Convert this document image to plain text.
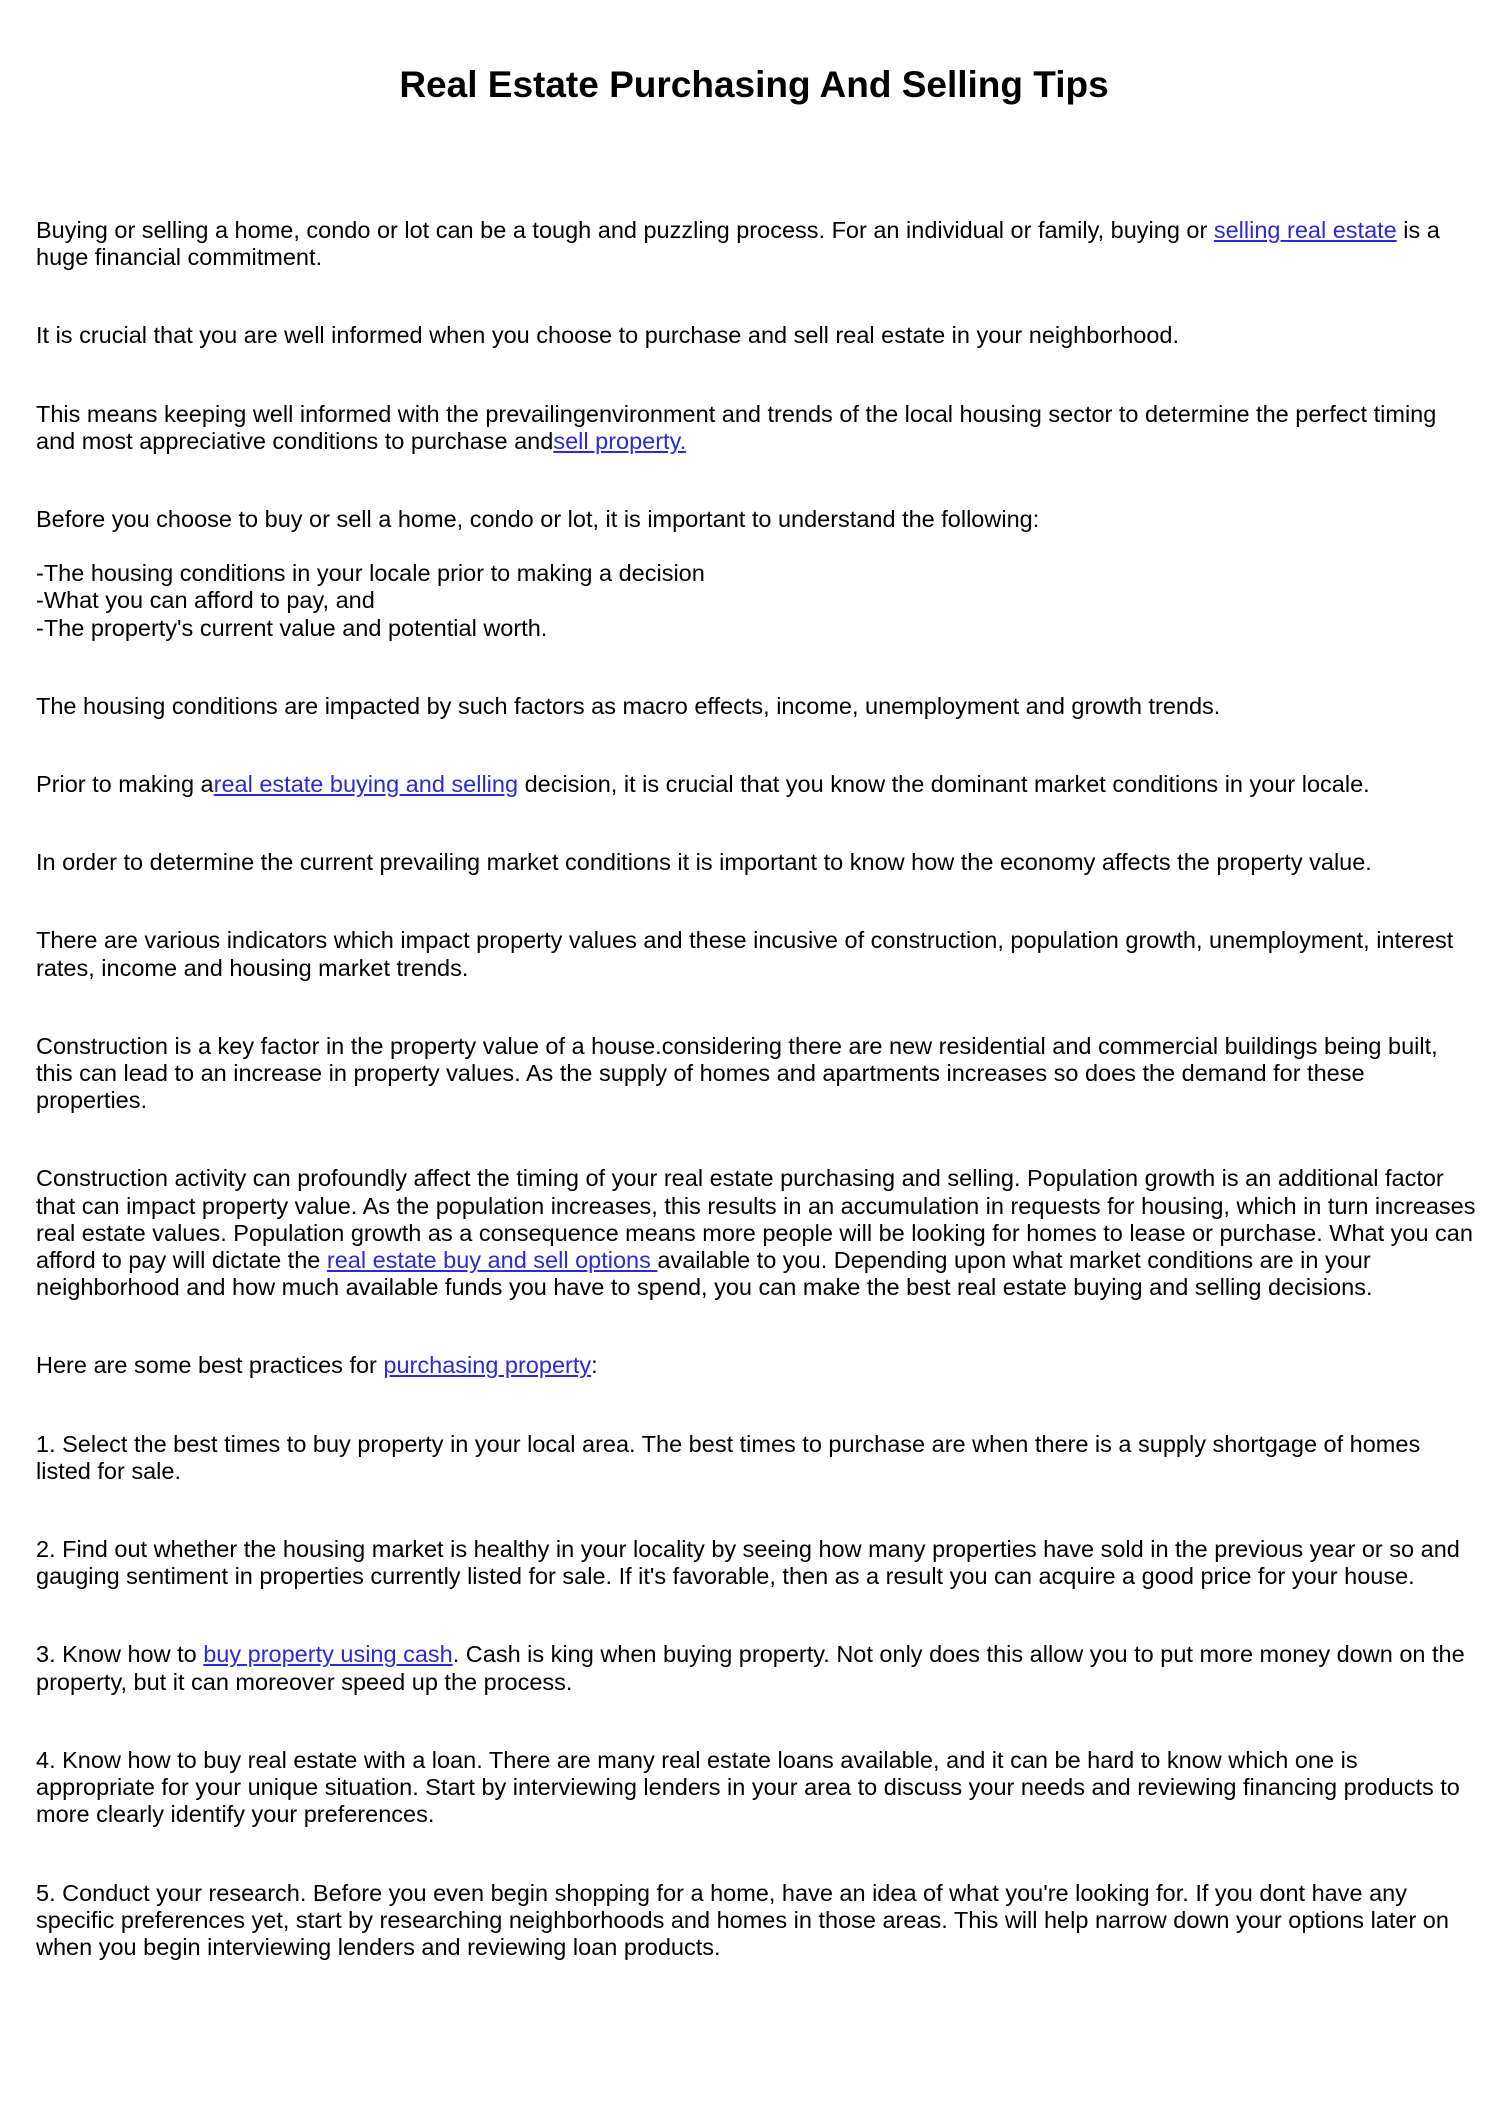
Real Estate Purchasing And Selling Tips

Buying or selling a home, condo or lot can be a tough and puzzling process. For an individual or family, buying or selling real estate is a huge financial commitment.

It is crucial that you are well informed when you choose to purchase and sell real estate in your neighborhood.

This means keeping well informed with the prevailingenvironment and trends of the local housing sector to determine the perfect timing and most appreciative conditions to purchase andsell property.

Before you choose to buy or sell a home, condo or lot, it is important to understand the following:

-The housing conditions in your locale prior to making a decision
-What you can afford to pay, and
-The property's current value and potential worth.

The housing conditions are impacted by such factors as macro effects, income, unemployment and growth trends.

Prior to making areal estate buying and selling decision, it is crucial that you know the dominant market conditions in your locale.

In order to determine the current prevailing market conditions it is important to know how the economy affects the property value.

There are various indicators which impact property values and these incusive of construction, population growth, unemployment, interest rates, income and housing market trends.

Construction is a key factor in the property value of a house.considering there are new residential and commercial buildings being built, this can lead to an increase in property values. As the supply of homes and apartments increases so does the demand for these properties.

Construction activity can profoundly affect the timing of your real estate purchasing and selling. Population growth is an additional factor that can impact property value. As the population increases, this results in an accumulation in requests for housing, which in turn increases real estate values. Population growth as a consequence means more people will be looking for homes to lease or purchase. What you can afford to pay will dictate the real estate buy and sell options available to you. Depending upon what market conditions are in your neighborhood and how much available funds you have to spend, you can make the best real estate buying and selling decisions.

Here are some best practices for purchasing property:

1. Select the best times to buy property in your local area. The best times to purchase are when there is a supply shortgage of homes listed for sale.

2. Find out whether the housing market is healthy in your locality by seeing how many properties have sold in the previous year or so and gauging sentiment in properties currently listed for sale. If it's favorable, then as a result you can acquire a good price for your house.

3. Know how to buy property using cash. Cash is king when buying property. Not only does this allow you to put more money down on the property, but it can moreover speed up the process.

4. Know how to buy real estate with a loan. There are many real estate loans available, and it can be hard to know which one is appropriate for your unique situation. Start by interviewing lenders in your area to discuss your needs and reviewing financing products to more clearly identify your preferences.

5. Conduct your research. Before you even begin shopping for a home, have an idea of what you're looking for. If you dont have any specific preferences yet, start by researching neighborhoods and homes in those areas. This will help narrow down your options later on when you begin interviewing lenders and reviewing loan products.
